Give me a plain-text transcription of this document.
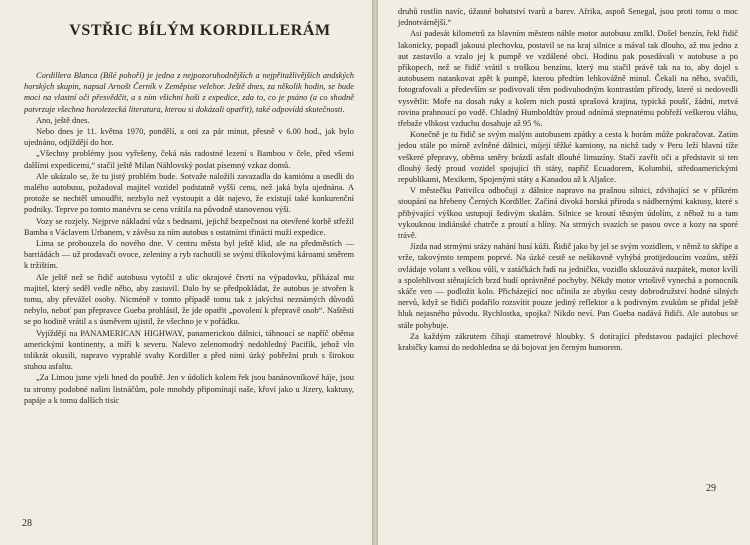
VSTŘIC BÍLÝM KORDILLERÁM

Cordillera Blanca (Bílé pohoří) je jedna z nejpozoruhodnějších a nejpřitažlivějších andských horských skupin, napsal Arnošt Černík v Zeměpise velehor. Ještě dnes, za několik hodin, se bude moci na vlastní oči přesvědčit, a s ním všichni hoši z expedice, zda to, co je psáno (a co shodně potvrzuje všechna horolezecká literatura, kterou si dokázali opatřit), také odpovídá skutečnosti.

Ano, ještě dnes.

Nebo dnes je 11. května 1970, pondělí, a oni za pár minut, přesně v 6.00 hod., jak bylo ujednáno, odjíždějí do hor.

„Všechny problémy jsou vyřešeny, čeká nás radostné lezení s Bambou v čele, před všemi dalšími expedicemi,“ stačil ještě Milan Náhlovský poslat písemný vzkaz domů.

Ale ukázalo se, že tu jistý problém bude. Sotvaže naložili zavazadla do kamiónu a usedli do malého autobusu, požadoval majitel vozidel podstatně vyšší cenu, než jaká byla ujednána. A protože se nechtěl umoudřit, nezbylo než vystoupit a dát najevo, že existují také konkurenční podniky. Teprve po tomto manévru se cena vrátila na původně stanovenou výši.

Vozy se rozjely. Nejprve nákladní vůz s bednami, jejichž bezpečnost na otevřené korbě střežil Bamba s Václavem Urbanem, v závěsu za ním autobus s ostatními třinácti muži expedice.

Lima se probouzela do nového dne. V centru města byl ještě klid, ale na předměstích — barriádách — už prodavači ovoce, zeleniny a ryb rachotili se svými tříkolovými károami směrem k tržištím.

Ale ještě než se řidič autobusu vytočil z ulic okrajové čtvrti na výpadovku, přikázal mu majitel, který seděl vedle něho, aby zastavil. Dalo by se předpokládat, že autobus je stvořen k tomu, aby převážel osoby. Nicméně v tomto případě tomu tak z jakýchsi neznámých důvodů nebylo, neboť pan přepravce Gueba prohlásil, že jde opatřit „povolení k přepravě osob“. Naštěstí se po hodině vrátil a s úsměvem ujistil, že všechno je v pořádku.

Vyjíždějí na PANAMERICAN HIGHWAY, panamerickou dálnici, táhnoucí se napříč oběma americkými kontinenty, a míří k severu. Nalevo zelenomodrý nedohledný Pacifik, jehož vln tolikrát okusili, napravo vyprahlé svahy Kordiller a před nimi úzký pobřežní pruh s širokou stuhou asfaltu.

„Za Limou jsme vjeli hned do pouště. Jen v údolích kolem řek jsou banánovníkové háje, jsou tu stromy podobné našim listnáčům, pole mnohdy připomínají naše, křoví jako u Jizery, kaktusy, papáje a k tomu dalších tisíc

28

druhů rostlin navíc, úžasné bohatství tvarů a barev. Afrika, aspoň Senegal, jsou proti tomu o moc jednotvárnější.“

Asi padesát kilometrů za hlavním městem náhle motor autobusu zmlkl. Došel benzín, řekl řidič lakonicky, popadl jakousi plechovku, postavil se na kraj silnice a mával tak dlouho, až mu jedno z aut zastavilo a vzalo jej k pumpě ve vzdálené obci. Hodinu pak posedávali v autobuse a po příkopech, než se řidič vrátil s troškou benzínu, který mu stačil právě tak na to, aby dojel s autobusem natankovat zpět k pumpě, kterou předtím lehkovážně minul. Čekali na něho, svačili, fotografovali a především se podivovali těm podivuhodným kontrastům přírody, které si nedovedli vysvětlit: Moře na dosah ruky a kolem nich pustá sprašová krajina, typická poušť, žádní, mrtvá rovina prahnoucí po vodě. Chladný Humboldtův proud odnímá stepnatému pobřeží veškerou vláhu, třebaže vlhkost vzduchu dosahuje až 95 %.

Konečně je tu řidič se svým malým autobusem zpátky a cesta k horám může pokračovat. Zatím jedou stále po mírně zvlněné dálnici, míjejí těžké kamiony, na nichž tady v Peru leží hlavní tíže veškeré přepravy, oběma směry brázdí asfalt dlouhé limuzíny. Stačí zavřít oči a představit si ten dlouhý šedý proud vozidel spojující tři státy, napříč Ecuadorem, Kolumbií, středoamerickými republikami, Mexikem, Spojenými státy a Kanadou až k Aljašce.

V městečku Pativilca odbočují z dálnice napravo na prašnou silnici, zdvihající se v příkrém stoupání na hřebeny Černých Kordiller. Začíná divoká horská příroda s nádhernými kaktusy, které s přibývající výškou ustupují šedivým skalám. Silnice se kroutí těsným údolím, z něhož tu a tam vykouknou indiánské chatrče z proutí a hlíny. Na strmých svazích se pasou ovce a kozy na sporé trávě.

Jízda nad strmými srázy nahání husí kůži. Řidič jako by jel se svým vozidlem, v němž to skřípe a vrže, takovýmto tempem poprvé. Na úzké cestě se nešikovně vyhýbá protijedoucím vozům, stěží ovládaje volant s velkou vůlí, v zatáčkách řadí na jedničku, vozidlo sklouzává nazpátek, motor kvílí a spolehlivost stěnajících brzd budí oprávněné pochyby. Někdy motor vrtošivě vynechá a pomocník skáče ven — podložit kolo. Přicházející noc učinila ze zbytku cesty dobrodružství hodné silných nervů, když se řidiči podařilo rozsvítit pouze jediný reflektor a k podivným zvukům se přidal ještě hluk nejasného původu. Rychlostka, spojka? Nikdo neví. Pan Gueba nadává řidiči. Ale autobus se stále pohybuje.

Za každým zákrutem číhají stametrové hloubky. S dotírající představou padající plechové krabičky kamsi do nedohledna se dá bojovat jen černým humorem.

29
